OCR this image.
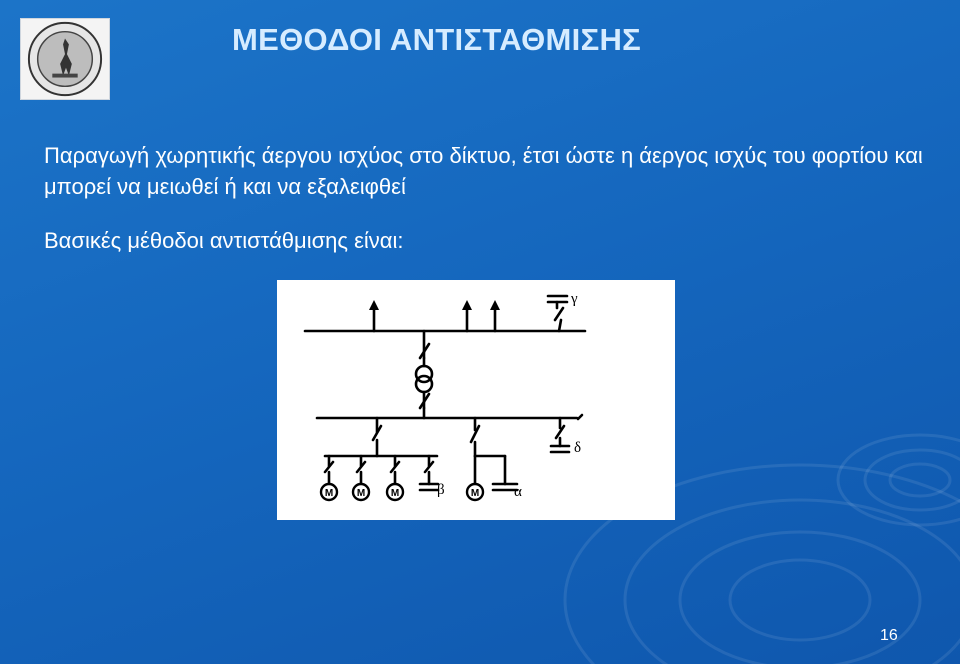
ΜΕΘΟΔΟΙ ΑΝΤΙΣΤΑΘΜΙΣΗΣ
Παραγωγή χωρητικής άεργου ισχύος στο δίκτυο, έτσι ώστε η άεργος ισχύς του φορτίου και μπορεί να μειωθεί ή και να εξαλειφθεί
Βασικές μέθοδοι αντιστάθμισης είναι:
M M	M	M
γ
δ
β	α
16
